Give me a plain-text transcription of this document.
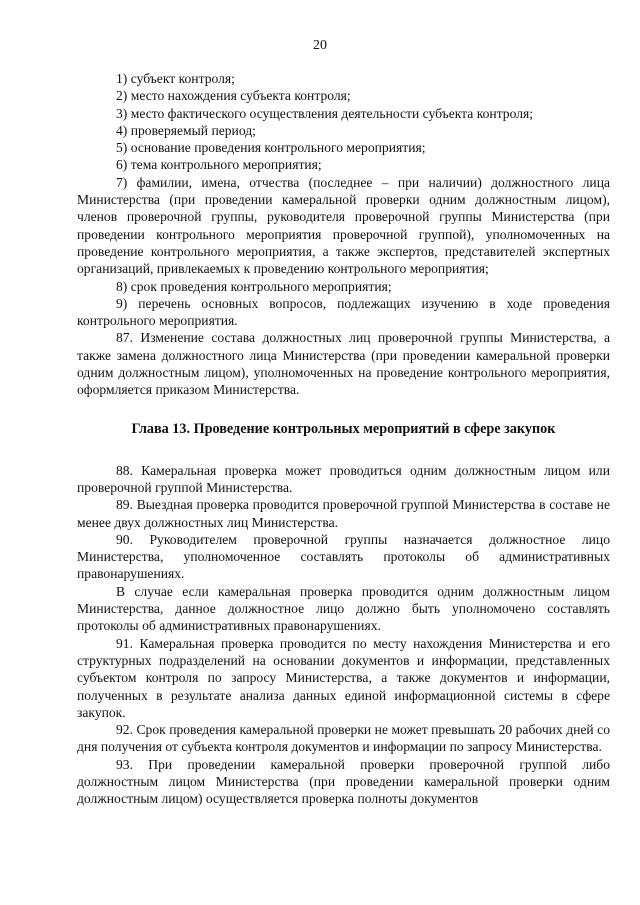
20

1) субъект контроля;

2) место нахождения субъекта контроля;

3) место фактического осуществления деятельности субъекта контроля;

4) проверяемый период;

5) основание проведения контрольного мероприятия;

6) тема контрольного мероприятия;

7) фамилии, имена, отчества (последнее – при наличии) должностного лица Министерства (при проведении камеральной проверки одним должностным лицом), членов проверочной группы, руководителя проверочной группы Министерства (при проведении контрольного мероприятия проверочной группой), уполномоченных на проведение контрольного мероприятия, а также экспертов, представителей экспертных организаций, привлекаемых к проведению контрольного мероприятия;

8) срок проведения контрольного мероприятия;

9) перечень основных вопросов, подлежащих изучению в ходе проведения контрольного мероприятия.

87. Изменение состава должностных лиц проверочной группы Министерства, а также замена должностного лица Министерства (при проведении камеральной проверки одним должностным лицом), уполномоченных на проведение контрольного мероприятия, оформляется приказом Министерства.

Глава 13. Проведение контрольных мероприятий в сфере закупок

88. Камеральная проверка может проводиться одним должностным лицом или проверочной группой Министерства.

89. Выездная проверка проводится проверочной группой Министерства в составе не менее двух должностных лиц Министерства.

90. Руководителем проверочной группы назначается должностное лицо Министерства, уполномоченное составлять протоколы об административных правонарушениях.

В случае если камеральная проверка проводится одним должностным лицом Министерства, данное должностное лицо должно быть уполномочено составлять протоколы об административных правонарушениях.

91. Камеральная проверка проводится по месту нахождения Министерства и его структурных подразделений на основании документов и информации, представленных субъектом контроля по запросу Министерства, а также документов и информации, полученных в результате анализа данных единой информационной системы в сфере закупок.

92. Срок проведения камеральной проверки не может превышать 20 рабочих дней со дня получения от субъекта контроля документов и информации по запросу Министерства.

93. При проведении камеральной проверки проверочной группой либо должностным лицом Министерства (при проведении камеральной проверки одним должностным лицом) осуществляется проверка полноты документов
